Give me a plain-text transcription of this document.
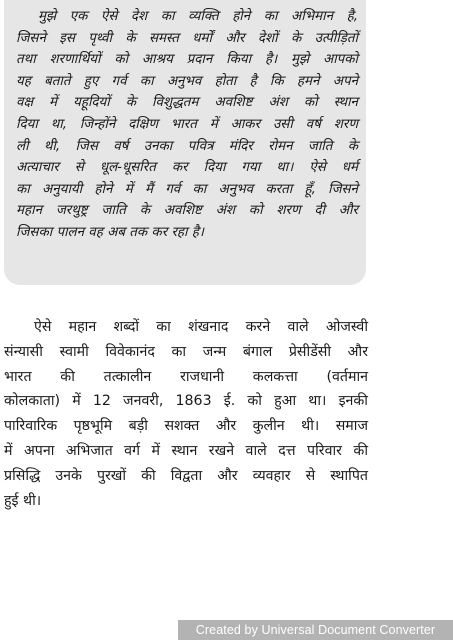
मुझे एक ऐसे देश का व्यक्ति होने का अभिमान है,
जिसने इस पृथ्वी के समस्त धर्मों और देशों के उत्पीड़ितों
तथा शरणार्थियों को आश्रय प्रदान किया है। मुझे आपको
यह बताते हुए गर्व का अनुभव होता है कि हमने अपने
वक्ष में यहूदियों के विशुद्धतम अवशिष्ट अंश को स्थान
दिया था, जिन्होंने दक्षिण भारत में आकर उसी वर्ष शरण
ली थी, जिस वर्ष उनका पवित्र मंदिर रोमन जाति के
अत्याचार से धूल-धूसरित कर दिया गया था। ऐसे धर्म
का अनुयायी होने में मैं गर्व का अनुभव करता हूँ, जिसने
महान जरथुष्ट्र जाति के अवशिष्ट अंश को शरण दी और
जिसका पालन वह अब तक कर रहा है।
ऐसे महान शब्दों का शंखनाद करने वाले ओजस्वी
संन्यासी स्वामी विवेकानंद का जन्म बंगाल प्रेसीडेंसी और
भारत की तत्कालीन राजधानी कलकत्ता (वर्तमान
कोलकाता) में 12 जनवरी, 1863 ई. को हुआ था। इनकी
पारिवारिक पृष्ठभूमि बड़ी सशक्त और कुलीन थी। समाज
में अपना अभिजात वर्ग में स्थान रखने वाले दत्त परिवार की
प्रसिद्धि उनके पुरखों की विद्वता और व्यवहार से स्थापित
हुई थी।
Created by Universal Document Converter
